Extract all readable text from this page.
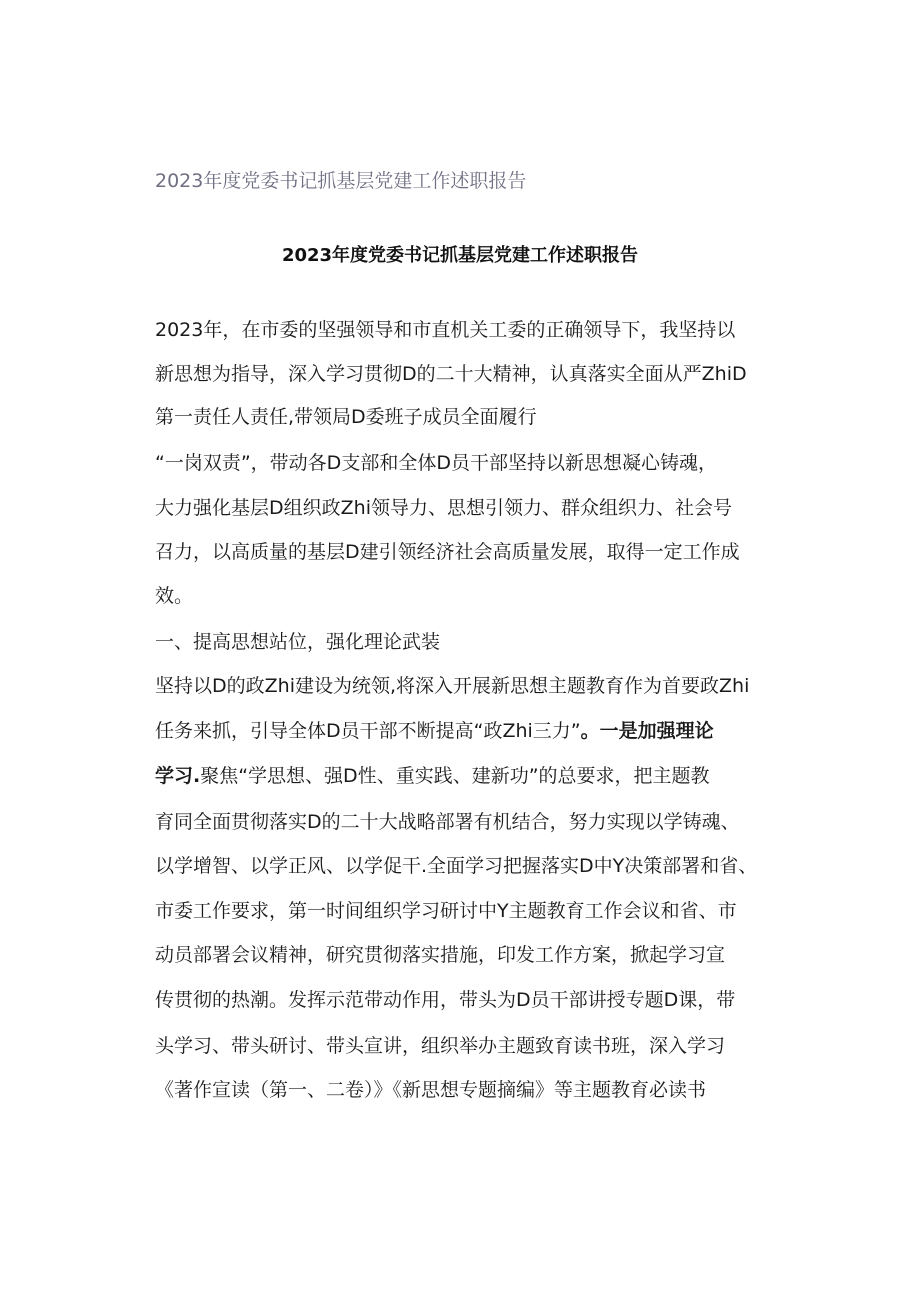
2023年度党委书记抓基层党建工作述职报告
2023年度党委书记抓基层党建工作述职报告
2023年，在市委的坚强领导和市直机关工委的正确领导下，我坚持以
新思想为指导，深入学习贯彻D的二十大精神，认真落实全面从严ZhiD
第一责任人责任,带领局D委班子成员全面履行
“一岗双责”，带动各D支部和全体D员干部坚持以新思想凝心铸魂，
大力强化基层D组织政Zhi领导力、思想引领力、群众组织力、社会号
召力，以高质量的基层D建引领经济社会高质量发展，取得一定工作成
效。
一、提高思想站位，强化理论武装
坚持以D的政Zhi建设为统领,将深入开展新思想主题教育作为首要政Zhi
任务来抓，引导全体D员干部不断提高“政Zhi三力”。一是加强理论
学习.聚焦“学思想、强D性、重实践、建新功”的总要求，把主题教
育同全面贯彻落实D的二十大战略部署有机结合，努力实现以学铸魂、
以学增智、以学正风、以学促干.全面学习把握落实D中Y决策部署和省、
市委工作要求，第一时间组织学习研讨中Y主题教育工作会议和省、市
动员部署会议精神，研究贯彻落实措施，印发工作方案，掀起学习宣
传贯彻的热潮。发挥示范带动作用，带头为D员干部讲授专题D课，带
头学习、带头研讨、带头宣讲，组织举办主题致育读书班，深入学习
《著作宣读（第一、二卷）》《新思想专题摘编》等主题教育必读书
